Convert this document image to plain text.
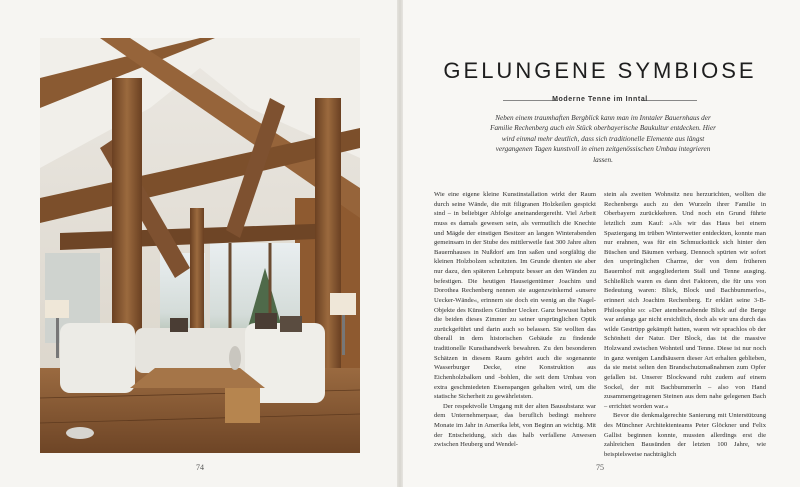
74	75
GELUNGENE SYMBIOSE
Moderne Tenne im Inntal
Neben einem traumhaften Bergblick kann man im Inntaler Bauernhaus der Familie Rechenberg auch ein Stück oberbayerische Baukultur entdecken. Hier wird einmal mehr deutlich, dass sich traditionelle Elemente aus längst vergangenen Tagen kunstvoll in einen zeitgenössischen Umbau integrieren lassen.

Wie eine eigene kleine Kunstinstallation wirkt der Raum durch seine Wände, die mit filigranen Holzkeilen gespickt sind – in beliebiger Abfolge aneinandergereiht. Viel Arbeit muss es damals gewesen sein, als vermutlich die Knechte und Mägde der einstigen Besitzer an langen Winterabenden gemeinsam in der Stube des mittlerweile fast 300 Jahre alten Bauernhauses in Nußdorf am Inn saßen und sorgfältig die kleinen Holzbolzen schnitzten. Im Grunde dienten sie aber nur dazu, den späteren Lehmputz besser an den Wänden zu befestigen. Die heutigen Hauseigentümer Joachim und Dorothea Rechenberg nennen sie augenzwinkernd »unsere Uecker-Wände«, erinnern sie doch ein wenig an die Nagel-Objekte des Künstlers Günther Uecker. Ganz bewusst haben die beiden dieses Zimmer zu seiner ursprünglichen Optik zurückgeführt und darin auch so belassen. Sie wollten das überall in dem historischen Gebäude zu findende traditionelle Kunsthandwerk bewahren. Zu den besonderen Schätzen in diesem Raum gehört auch die sogenannte Wasserburger Decke, eine Konstruktion aus Eichenholzbalken und -bohlen, die seit dem Umbau von extra geschmiedeten Eisenspangen gehalten wird, um die statische Sicherheit zu gewährleisten.

Der respektvolle Umgang mit der alten Bausubstanz war dem Unternehmerpaar, das beruflich bedingt mehrere Monate im Jahr in Amerika lebt, von Beginn an wichtig. Mit der Entscheidung, sich das halb verfallene Anwesen zwischen Heuberg und Wendel-

stein als zweiten Wohnsitz neu herzurichten, wollten die Rechenbergs auch zu den Wurzeln ihrer Familie in Oberbayern zurückkehren. Und noch ein Grund führte letztlich zum Kauf: »Als wir das Haus bei einem Spaziergang im trüben Winterwetter entdeckten, konnte man nur erahnen, was für ein Schmuckstück sich hinter den Büschen und Bäumen verbarg. Dennoch spürten wir sofort den ursprünglichen Charme, der von dem früheren Bauernhof mit angegliedertem Stall und Tenne ausging. Schließlich waren es dann drei Faktoren, die für uns von Bedeutung waren: Blick, Block und Bachbummerlo«, erinnert sich Joachim Rechenberg. Er erklärt seine 3-B-Philosophie so: »Der atemberaubende Blick auf die Berge war anfangs gar nicht ersichtlich, doch als wir uns durch das wilde Gestrüpp gekämpft hatten, waren wir sprachlos ob der Schönheit der Natur. Der Block, das ist die massive Holzwand zwischen Wohnteil und Tenne. Diese ist nur noch in ganz wenigen Landhäusern dieser Art erhalten geblieben, da sie meist selten den Brandschutzmaßnahmen zum Opfer gefallen ist. Unserer Blockwand ruht zudem auf einem Sockel, der mit Bachbummerln – also von Hand zusammengetragenen Steinen aus dem nahe gelegenen Bach – errichtet worden war.«

Bevor die denkmalgerechte Sanierung mit Unterstützung des Münchner Architektenteams Peter Glöckner und Felix Gallist beginnen konnte, mussten allerdings erst die zahlreichen Bausünden der letzten 100 Jahre, wie beispielsweise nachträglich
